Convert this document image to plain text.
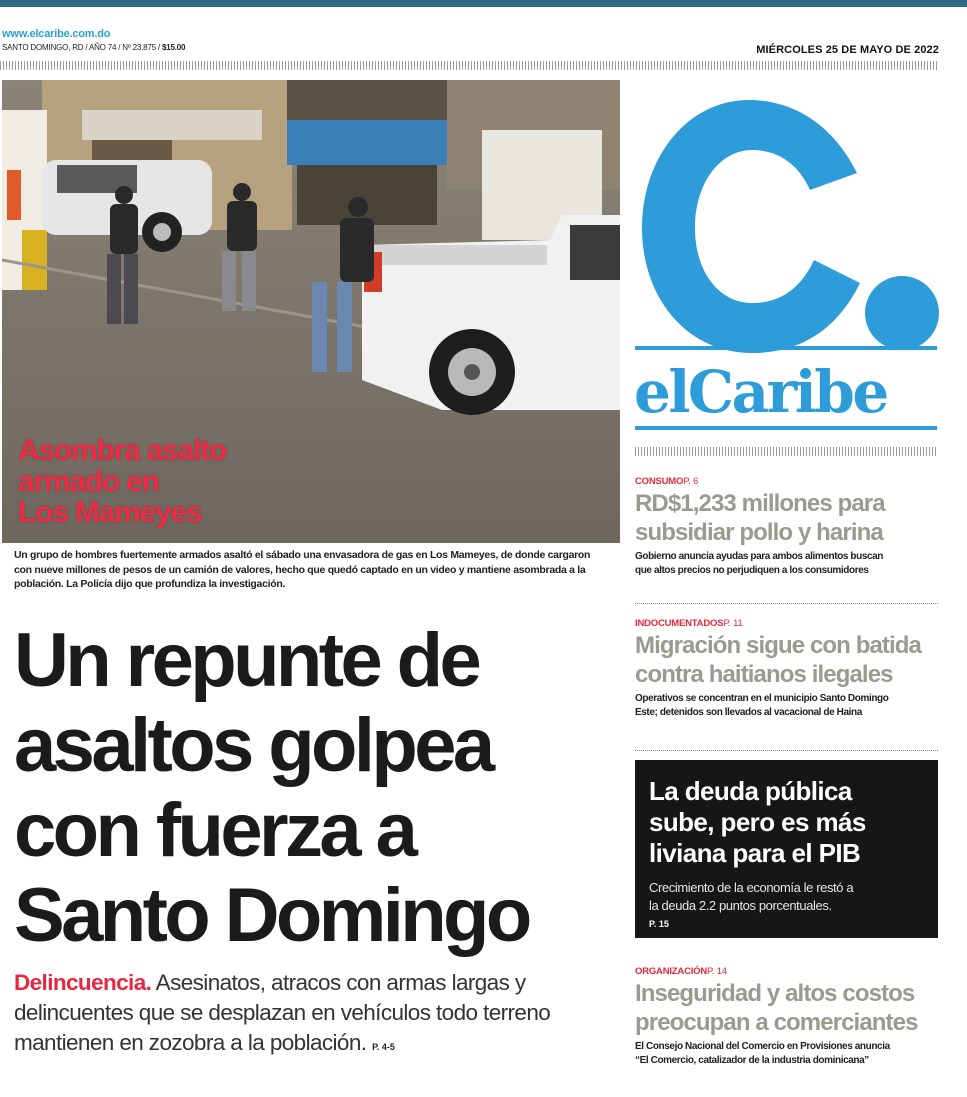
www.elcaribe.com.do
SANTO DOMINGO, RD / AÑO 74 / Nº 23.875 / $15.00	MIÉRCOLES 25 DE MAYO DE 2022
Asombra asalto
armado en
Los Mameyes
Un grupo de hombres fuertemente armados asaltó el sábado una envasadora de gas en Los Mameyes, de donde cargaron con nueve millones de pesos de un camión de valores, hecho que quedó captado en un video y mantiene asombrada a la población. La Policía dijo que profundiza la investigación.
Un repunte de
asaltos golpea
con fuerza a
Santo Domingo
Delincuencia. Asesinatos, atracos con armas largas y delincuentes que se desplazan en vehículos todo terreno mantienen en zozobra a la población. P. 4-5
elCaribe
CONSUMOP. 6
RD$1,233 millones para
subsidiar pollo y harina
Gobierno anuncia ayudas para ambos alimentos buscan
que altos precios no perjudiquen a los consumidores
INDOCUMENTADOSP. 11
Migración sigue con batida
contra haitianos ilegales
Operativos se concentran en el municipio Santo Domingo
Este; detenidos son llevados al vacacional de Haina
La deuda pública
sube, pero es más
liviana para el PIB
Crecimiento de la economía le restó a
la deuda 2.2 puntos porcentuales.
P. 15
ORGANIZACIÓNP. 14
Inseguridad y altos costos
preocupan a comerciantes
El Consejo Nacional del Comercio en Provisiones anuncia
“El Comercio, catalizador de la industria dominicana”
